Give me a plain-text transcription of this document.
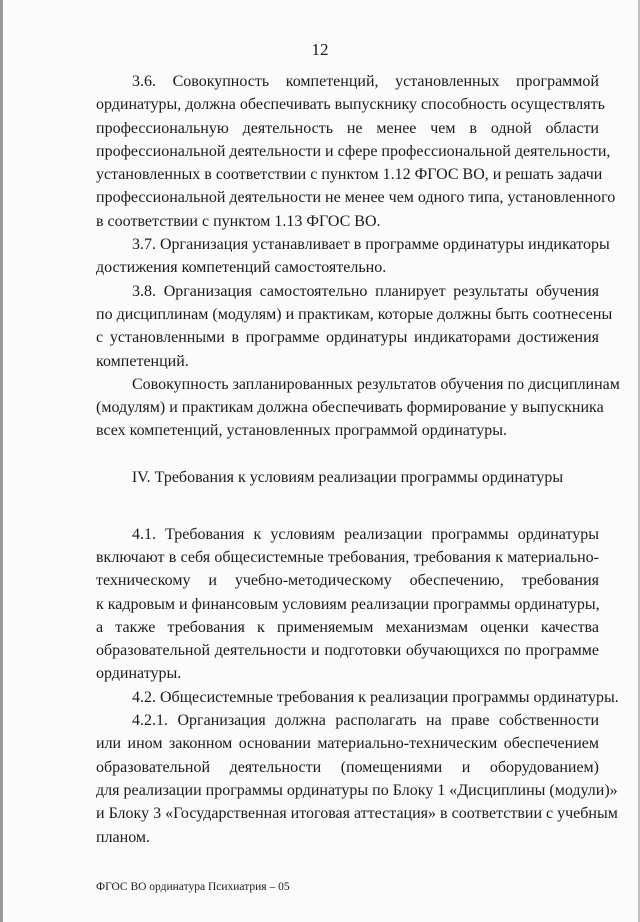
12
3.6. Совокупность компетенций, установленных программой
ординатуры, должна обеспечивать выпускнику способность осуществлять
профессиональную деятельность не менее чем в одной области
профессиональной деятельности и сфере профессиональной деятельности,
установленных в соответствии с пунктом 1.12 ФГОС ВО, и решать задачи
профессиональной деятельности не менее чем одного типа, установленного
в соответствии с пунктом 1.13 ФГОС ВО.
3.7. Организация устанавливает в программе ординатуры индикаторы
достижения компетенций самостоятельно.
3.8. Организация самостоятельно планирует результаты обучения
по дисциплинам (модулям) и практикам, которые должны быть соотнесены
с установленными в программе ординатуры индикаторами достижения
компетенций.
Совокупность запланированных результатов обучения по дисциплинам
(модулям) и практикам должна обеспечивать формирование у выпускника
всех компетенций, установленных программой ординатуры.
IV. Требования к условиям реализации программы ординатуры
4.1. Требования к условиям реализации программы ординатуры
включают в себя общесистемные требования, требования к материально-
техническому и учебно-методическому обеспечению, требования
к кадровым и финансовым условиям реализации программы ординатуры,
а также требования к применяемым механизмам оценки качества
образовательной деятельности и подготовки обучающихся по программе
ординатуры.
4.2. Общесистемные требования к реализации программы ординатуры.
4.2.1. Организация должна располагать на праве собственности
или ином законном основании материально-техническим обеспечением
образовательной деятельности (помещениями и оборудованием)
для реализации программы ординатуры по Блоку 1 «Дисциплины (модули)»
и Блоку 3 «Государственная итоговая аттестация» в соответствии с учебным
планом.
ФГОС ВО ординатура Психиатрия – 05
